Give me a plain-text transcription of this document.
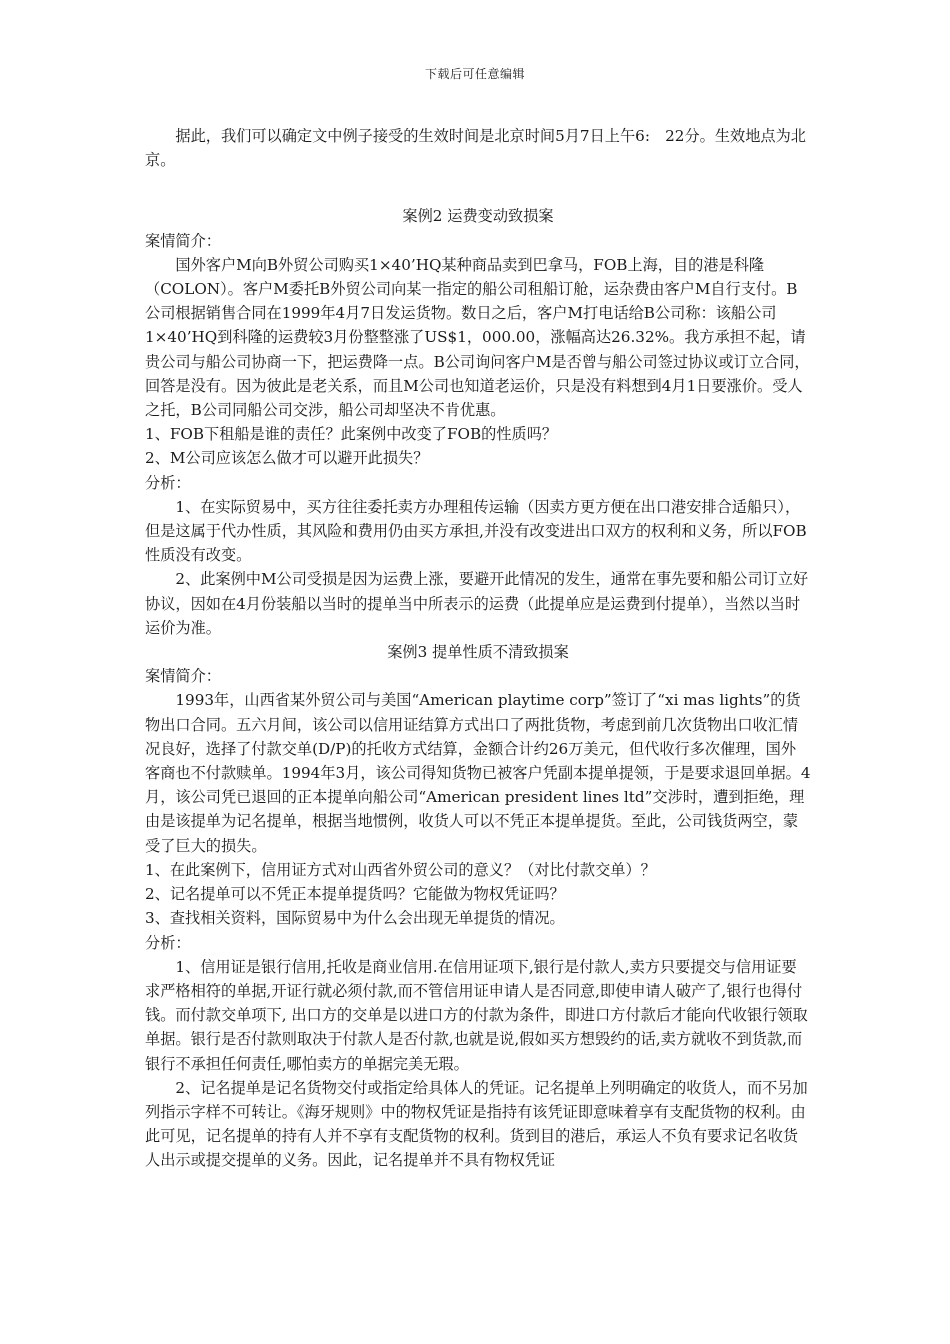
下载后可任意编辑

据此，我们可以确定文中例子接受的生效时间是北京时间5月7日上午6:　22分。生效地点为北京。

案例2 运费变动致损案

案情简介：

国外客户M向B外贸公司购买1×40’HQ某种商品卖到巴拿马，FOB上海，目的港是科隆（COLON）。客户M委托B外贸公司向某一指定的船公司租船订舱，运杂费由客户M自行支付。B公司根据销售合同在1999年4月7日发运货物。数日之后，客户M打电话给B公司称：该船公司1×40’HQ到科隆的运费较3月份整整涨了US$1，000.00，涨幅高达26.32%。我方承担不起，请贵公司与船公司协商一下，把运费降一点。B公司询问客户M是否曾与船公司签过协议或订立合同，回答是没有。因为彼此是老关系，而且M公司也知道老运价，只是没有料想到4月1日要涨价。受人之托，B公司同船公司交涉，船公司却坚决不肯优惠。

1、FOB下租船是谁的责任？此案例中改变了FOB的性质吗？

2、M公司应该怎么做才可以避开此损失？

分析：

1、在实际贸易中，买方往往委托卖方办理租传运输（因卖方更方便在出口港安排合适船只），但是这属于代办性质，其风险和费用仍由买方承担,并没有改变进出口双方的权利和义务，所以FOB性质没有改变。

2、此案例中M公司受损是因为运费上涨，要避开此情况的发生，通常在事先要和船公司订立好协议，因如在4月份装船以当时的提单当中所表示的运费（此提单应是运费到付提单），当然以当时运价为准。

案例3 提单性质不清致损案

案情简介：

1993年，山西省某外贸公司与美国“American playtime corp”签订了“xi mas lights”的货物出口合同。五六月间，该公司以信用证结算方式出口了两批货物，考虑到前几次货物出口收汇情况良好，选择了付款交单(D/P)的托收方式结算，金额合计约26万美元，但代收行多次催理，国外客商也不付款赎单。1994年3月，该公司得知货物已被客户凭副本提单提领，于是要求退回单据。4月，该公司凭已退回的正本提单向船公司“American president lines ltd”交涉时，遭到拒绝，理由是该提单为记名提单，根据当地惯例，收货人可以不凭正本提单提货。至此，公司钱货两空，蒙受了巨大的损失。

1、在此案例下，信用证方式对山西省外贸公司的意义？（对比付款交单）？

2、记名提单可以不凭正本提单提货吗？它能做为物权凭证吗？

3、查找相关资料，国际贸易中为什么会出现无单提货的情况。

分析：

1、信用证是银行信用,托收是商业信用.在信用证项下,银行是付款人,卖方只要提交与信用证要求严格相符的单据,开证行就必须付款,而不管信用证申请人是否同意,即使申请人破产了,银行也得付钱。而付款交单项下, 出口方的交单是以进口方的付款为条件，即进口方付款后才能向代收银行领取单据。银行是否付款则取决于付款人是否付款,也就是说,假如买方想毁约的话,卖方就收不到货款,而银行不承担任何责任,哪怕卖方的单据完美无瑕。

2、记名提单是记名货物交付或指定给具体人的凭证。记名提单上列明确定的收货人，而不另加列指示字样不可转让。《海牙规则》中的物权凭证是指持有该凭证即意味着享有支配货物的权利。由此可见，记名提单的持有人并不享有支配货物的权利。货到目的港后，承运人不负有要求记名收货人出示或提交提单的义务。因此，记名提单并不具有物权凭证
